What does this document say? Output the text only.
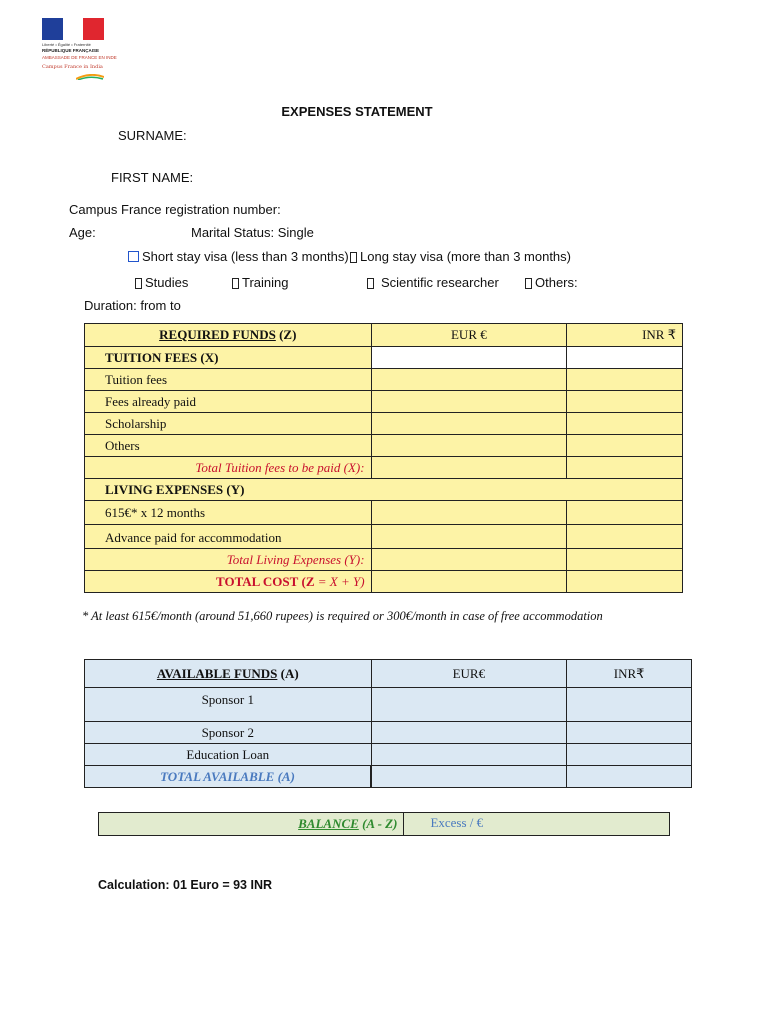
Liberté • Égalité • Fraternité
RÉPUBLIQUE FRANÇAISE
AMBASSADE DE FRANCE EN INDE
Campus France in India
EXPENSES STATEMENT
SURNAME:
FIRST NAME:
Campus France registration number:
Age:	Marital Status: Single
Short stay visa (less than 3 months) Long stay visa (more than 3 months)
Studies	Training	Scientific researcher	Others:
Duration: from to
REQUIRED FUNDS (Z)	EUR €	INR ₹
TUITION FEES (X)		
Tuition fees		
Fees already paid		
Scholarship		
Others		
Total Tuition fees to be paid (X):		
LIVING EXPENSES (Y)		
615€* x 12 months		
Advance paid for accommodation		
Total Living Expenses (Y):		
TOTAL COST (Z = X + Y)		
* At least 615€/month (around 51,660 rupees) is required or 300€/month in case of free accommodation
AVAILABLE FUNDS (A)	EUR€	INR₹
Sponsor 1		
Sponsor 2		
Education Loan		
TOTAL AVAILABLE (A)		
BALANCE (A - Z)	Excess / €
Calculation: 01 Euro = 93 INR
